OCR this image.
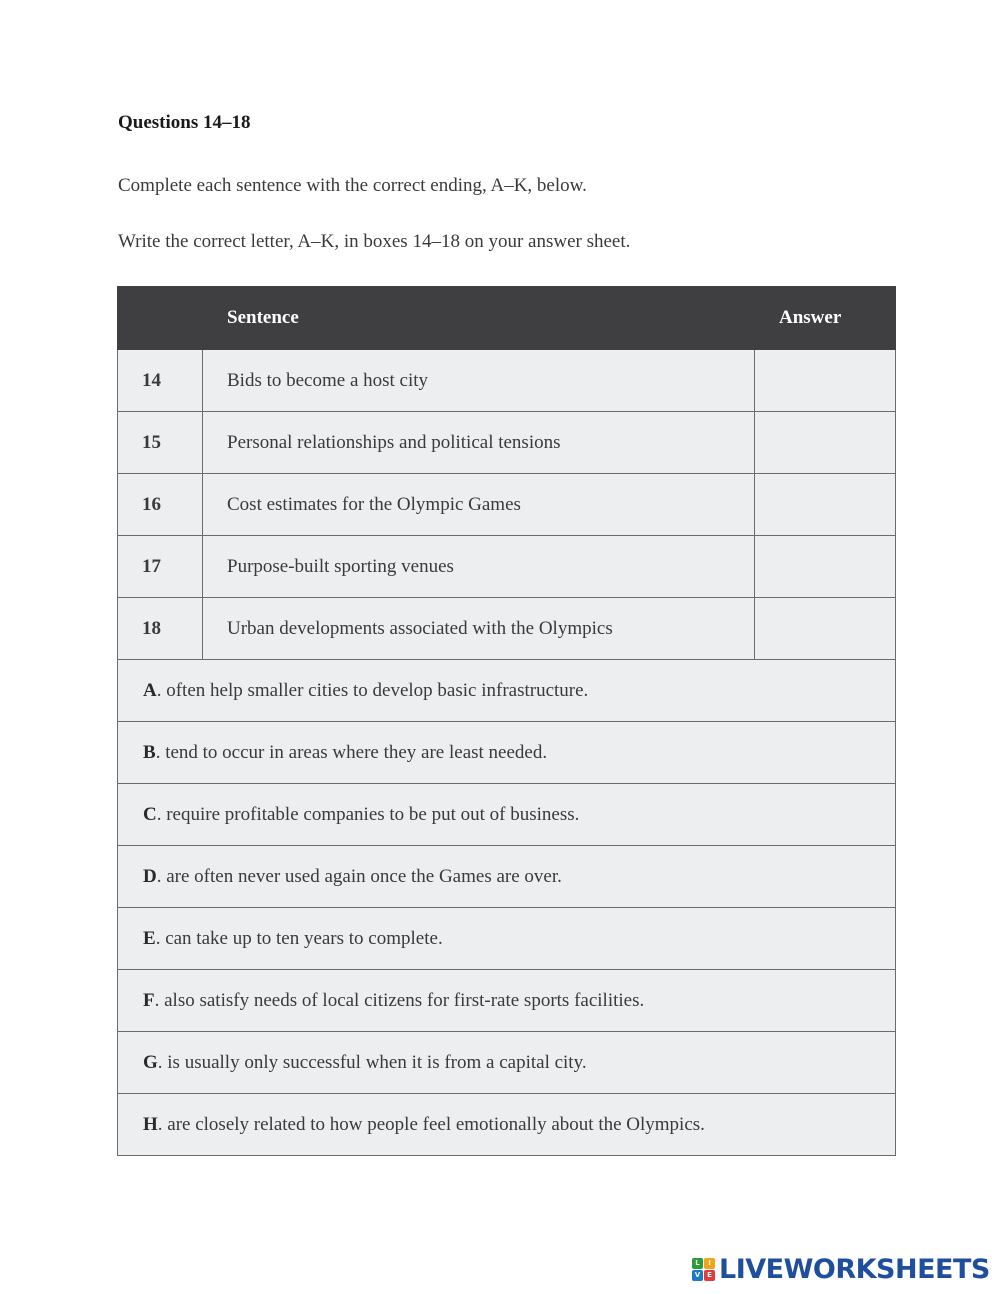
Questions 14–18
Complete each sentence with the correct ending, A–K, below.
Write the correct letter, A–K, in boxes 14–18 on your answer sheet.
	Sentence	Answer
14	Bids to become a host city	
15	Personal relationships and political tensions	
16	Cost estimates for the Olympic Games	
17	Purpose-built sporting venues	
18	Urban developments associated with the Olympics	
A. often help smaller cities to develop basic infrastructure.		
B. tend to occur in areas where they are least needed.		
C. require profitable companies to be put out of business.		
D. are often never used again once the Games are over.		
E. can take up to ten years to complete.		
F. also satisfy needs of local citizens for first-rate sports facilities.		
G. is usually only successful when it is from a capital city.		
H. are closely related to how people feel emotionally about the Olympics.		
L	I
V E LIVEWORKSHEETS
